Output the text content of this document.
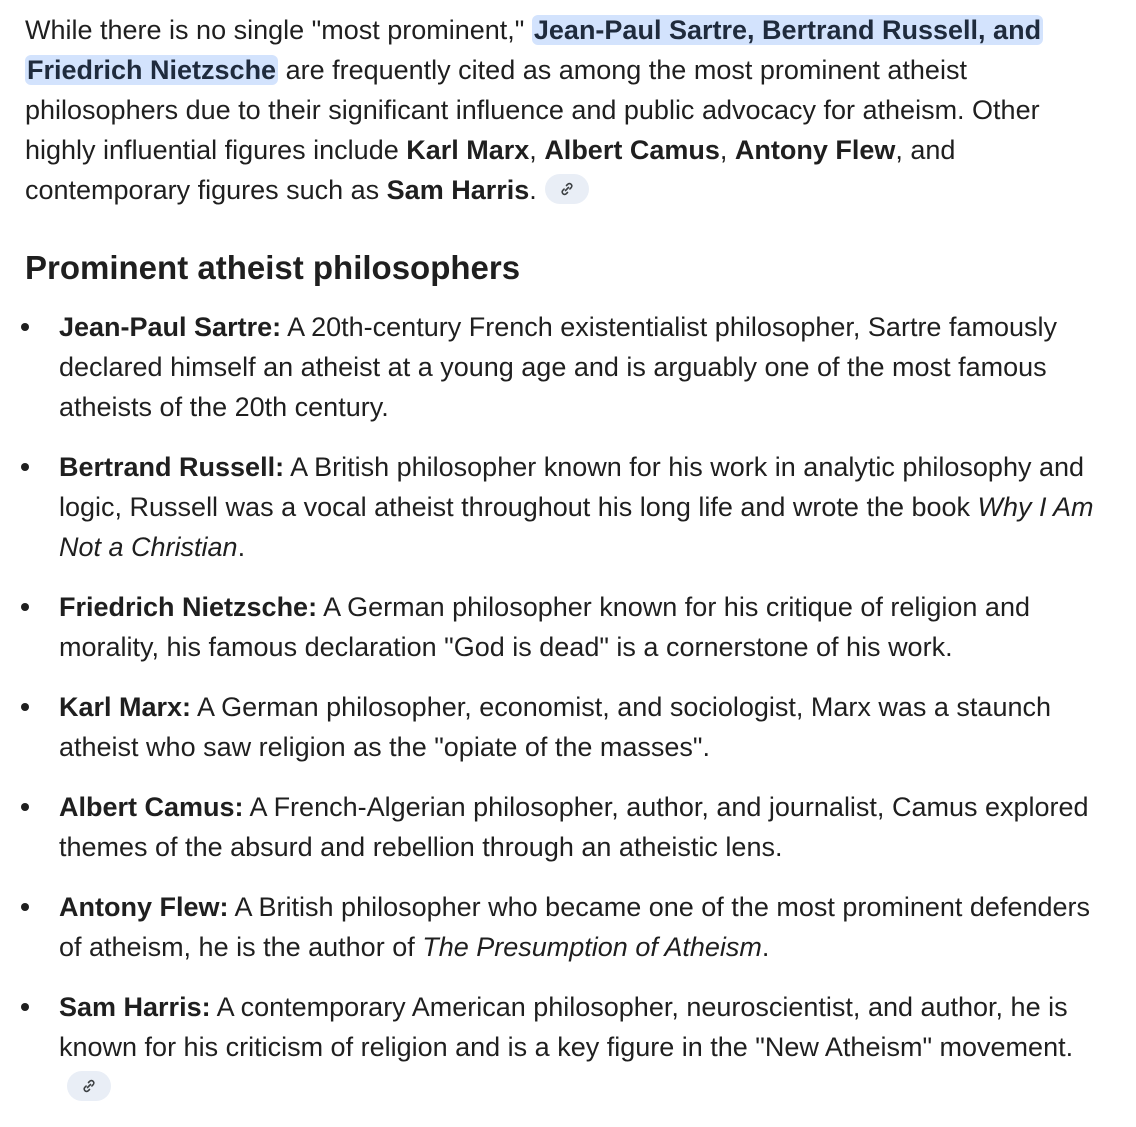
While there is no single "most prominent," Jean-Paul Sartre, Bertrand Russell, and Friedrich Nietzsche are frequently cited as among the most prominent atheist philosophers due to their significant influence and public advocacy for atheism. Other highly influential figures include Karl Marx, Albert Camus, Antony Flew, and contemporary figures such as Sam Harris.

Prominent atheist philosophers
Jean-Paul Sartre: A 20th-century French existentialist philosopher, Sartre famously declared himself an atheist at a young age and is arguably one of the most famous atheists of the 20th century.
Bertrand Russell: A British philosopher known for his work in analytic philosophy and logic, Russell was a vocal atheist throughout his long life and wrote the book Why I Am Not a Christian.
Friedrich Nietzsche: A German philosopher known for his critique of religion and morality, his famous declaration "God is dead" is a cornerstone of his work.
Karl Marx: A German philosopher, economist, and sociologist, Marx was a staunch atheist who saw religion as the "opiate of the masses".
Albert Camus: A French-Algerian philosopher, author, and journalist, Camus explored themes of the absurd and rebellion through an atheistic lens.
Antony Flew: A British philosopher who became one of the most prominent defenders of atheism, he is the author of The Presumption of Atheism.
Sam Harris: A contemporary American philosopher, neuroscientist, and author, he is known for his criticism of religion and is a key figure in the "New Atheism" movement.
